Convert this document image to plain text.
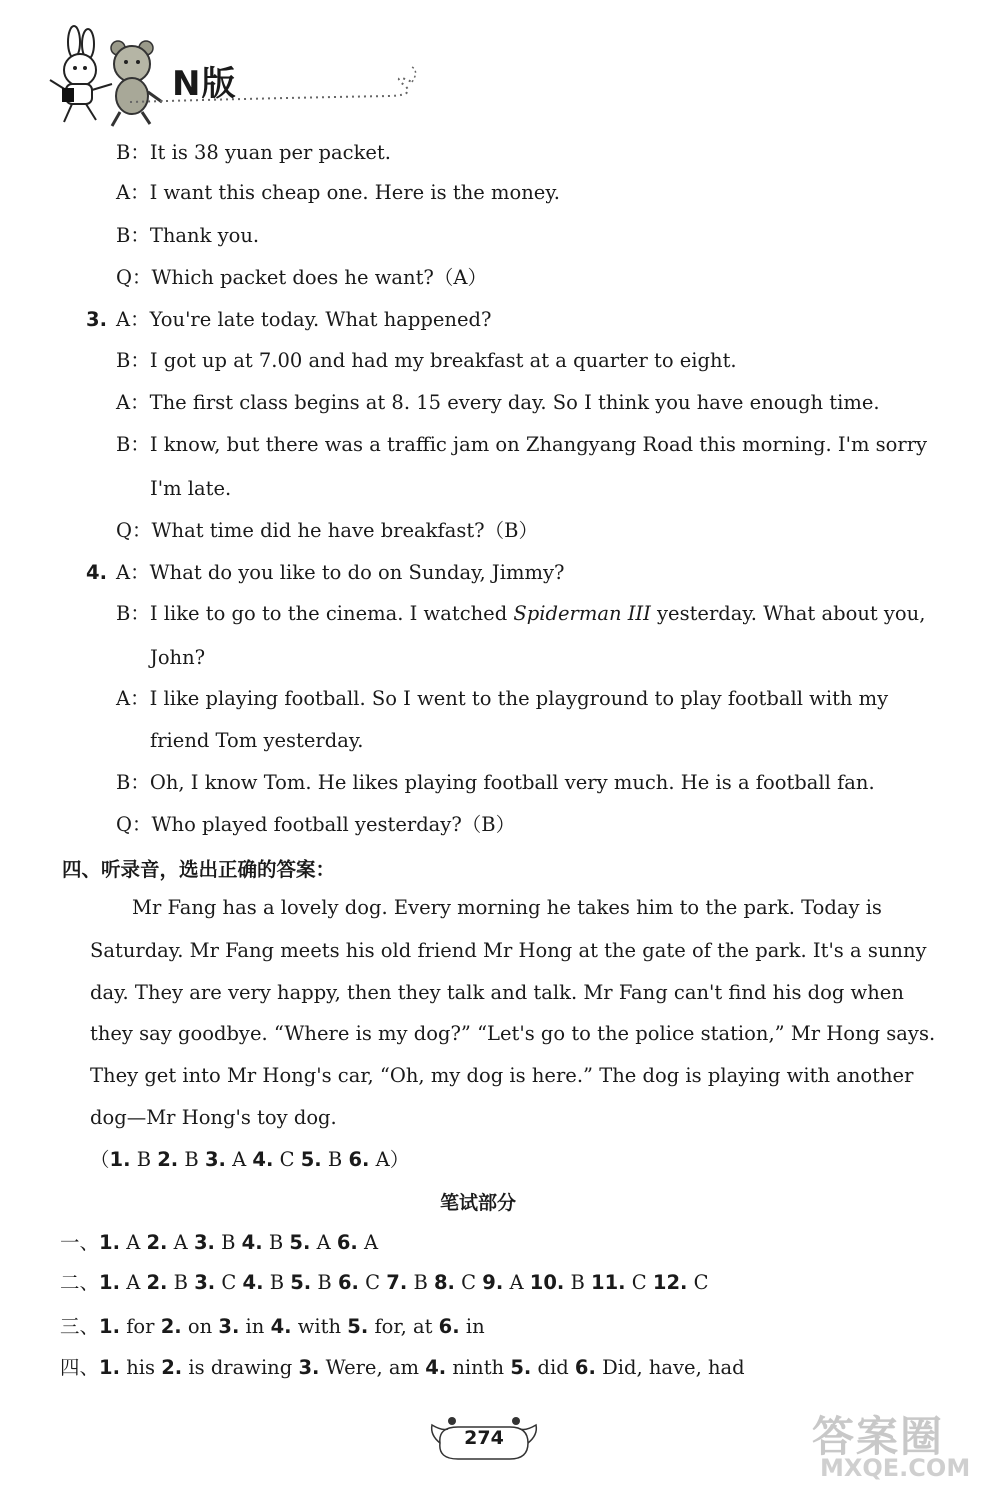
N版
B：It is 38 yuan per packet.
A：I want this cheap one. Here is the money.
B：Thank you.
Q：Which packet does he want?（A）
3. A：You're late today. What happened?
B：I got up at 7.00 and had my breakfast at a quarter to eight.
A：The first class begins at 8. 15 every day. So I think you have enough time.
B：I know, but there was a traffic jam on Zhangyang Road this morning. I'm sorry
I'm late.
Q：What time did he have breakfast?（B）
4. A：What do you like to do on Sunday, Jimmy?
B：I like to go to the cinema. I watched Spiderman III yesterday. What about you,
John?
A：I like playing football. So I went to the playground to play football with my
friend Tom yesterday.
B：Oh, I know Tom. He likes playing football very much. He is a football fan.
Q：Who played football yesterday?（B）
四、听录音，选出正确的答案：
Mr Fang has a lovely dog. Every morning he takes him to the park. Today is
Saturday. Mr Fang meets his old friend Mr Hong at the gate of the park. It's a sunny
day. They are very happy, then they talk and talk. Mr Fang can't find his dog when
they say goodbye. “Where is my dog?” “Let's go to the police station,” Mr Hong says.
They get into Mr Hong's car, “Oh, my dog is here.” The dog is playing with another
dog—Mr Hong's toy dog.
（1. B 2. B 3. A 4. C 5. B 6. A）
笔试部分
一、1. A 2. A 3. B 4. B 5. A 6. A
二、1. A 2. B 3. C 4. B 5. B 6. C 7. B 8. C 9. A 10. B 11. C 12. C
三、1. for 2. on 3. in 4. with 5. for, at 6. in
四、1. his 2. is drawing 3. Were, am 4. ninth 5. did 6. Did, have, had
274	答案圈
MXQE.COM
